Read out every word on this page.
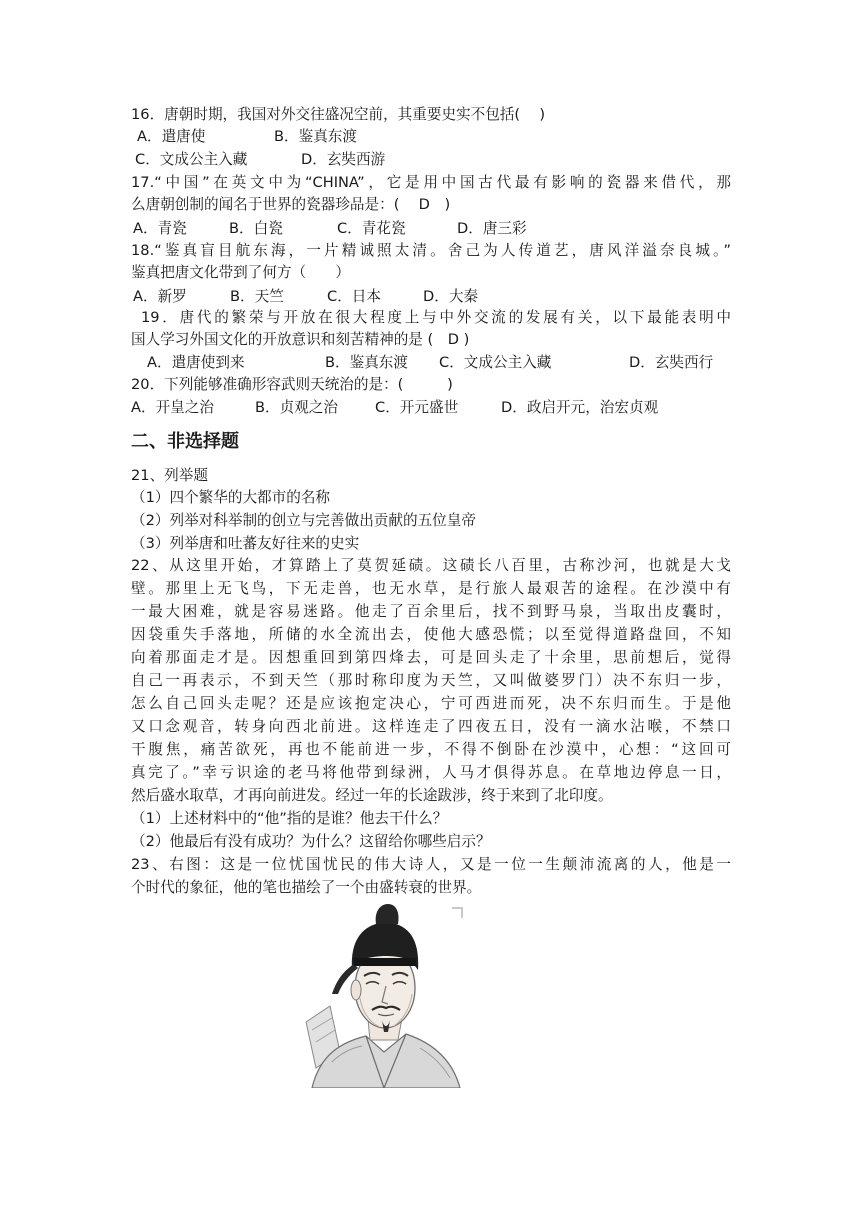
16．唐朝时期，我国对外交往盛况空前，其重要史实不包括(　 )
A．遣唐使	B．鉴真东渡
C．文成公主入藏	D．玄奘西游
17.“中国”在英文中为“CHINA”，它是用中国古代最有影响的瓷器来借代，那
么唐朝创制的闻名于世界的瓷器珍品是：(　 D　)
A．青瓷	B．白瓷	C．青花瓷	D．唐三彩
18.“鉴真盲目航东海，一片精诚照太清。舍己为人传道艺，唐风洋溢奈良城。”
鉴真把唐文化带到了何方（　　）
A．新罗	B．天竺	C．日本	D．大秦
19．唐代的繁荣与开放在很大程度上与中外交流的发展有关，以下最能表明中
国人学习外国文化的开放意识和刻苦精神的是 (　D )
A．遣唐使到来	B．鉴真东渡 C．文成公主入藏	D．玄奘西行
20．下列能够准确形容武则天统治的是：(　　　)
A．开皇之治	B．贞观之治	C．开元盛世	D．政启开元，治宏贞观
二、非选择题
21、列举题
（1）四个繁华的大都市的名称
（2）列举对科举制的创立与完善做出贡献的五位皇帝
（3）列举唐和吐蕃友好往来的史实
22、从这里开始，才算踏上了莫贺延碛。这碛长八百里，古称沙河，也就是大戈
壁。那里上无飞鸟，下无走兽，也无水草，是行旅人最艰苦的途程。在沙漠中有
一最大困难，就是容易迷路。他走了百余里后，找不到野马泉，当取出皮囊时，
因袋重失手落地，所储的水全流出去，使他大感恐慌；以至觉得道路盘回，不知
向着那面走才是。因想重回到第四烽去，可是回头走了十余里，思前想后，觉得
自己一再表示，不到天竺（那时称印度为天竺，又叫做婆罗门）决不东归一步，
怎么自己回头走呢？还是应该抱定决心，宁可西进而死，决不东归而生。于是他
又口念观音，转身向西北前进。这样连走了四夜五日，没有一滴水沾喉，不禁口
干腹焦，痛苦欲死，再也不能前进一步，不得不倒卧在沙漠中，心想：“这回可
真完了。”幸亏识途的老马将他带到绿洲，人马才俱得苏息。在草地边停息一日，
然后盛水取草，才再向前进发。经过一年的长途跋涉，终于来到了北印度。
（1）上述材料中的“他”指的是谁？他去干什么？
（2）他最后有没有成功？为什么？这留给你哪些启示？
23、右图：这是一位忧国忧民的伟大诗人，又是一位一生颠沛流离的人，他是一
个时代的象征，他的笔也描绘了一个由盛转衰的世界。
